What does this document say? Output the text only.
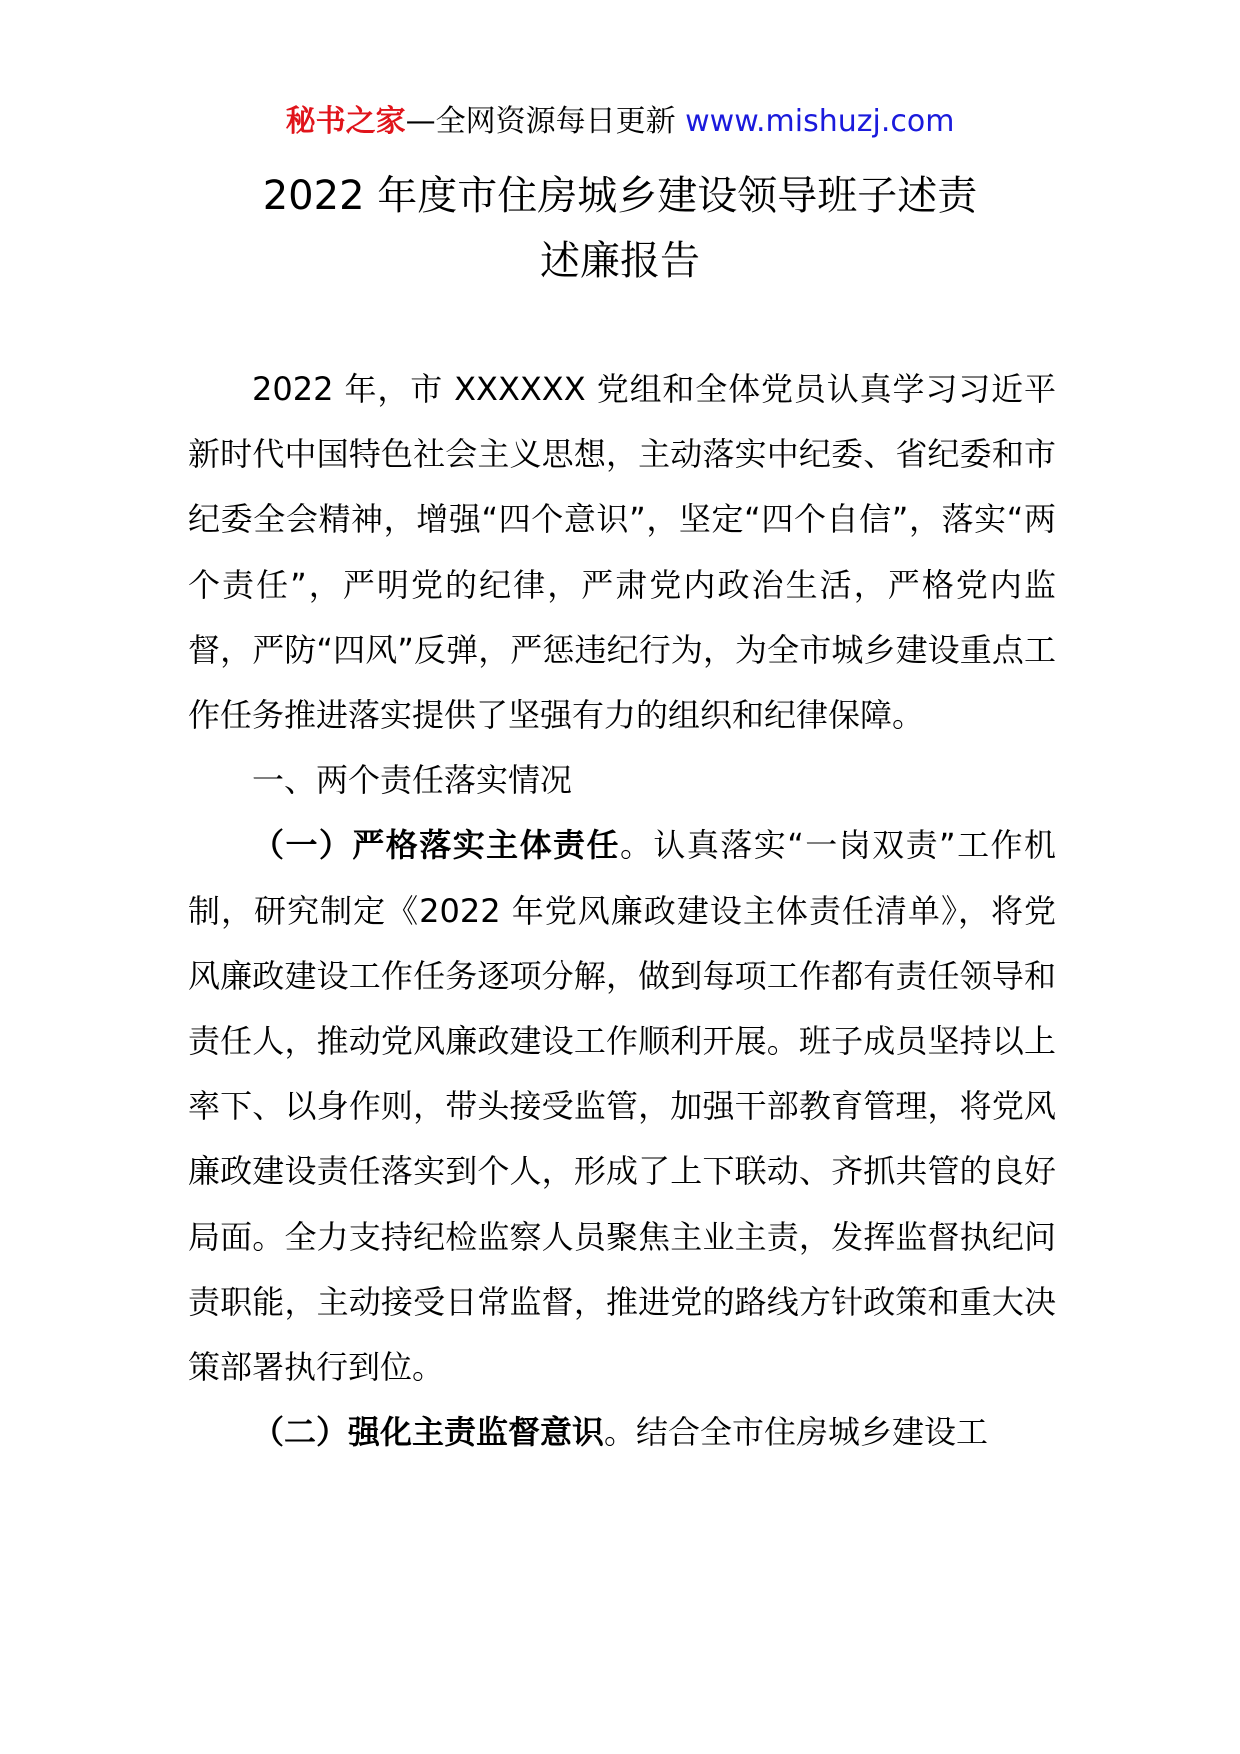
秘书之家—全网资源每日更新 www.mishuzj.com
2022 年度市住房城乡建设领导班子述责
述廉报告

2022 年，市 XXXXXX 党组和全体党员认真学习习近平新时代中国特色社会主义思想，主动落实中纪委、省纪委和市纪委全会精神，增强“四个意识”，坚定“四个自信”，落实“两个责任”，严明党的纪律，严肃党内政治生活，严格党内监督，严防“四风”反弹，严惩违纪行为，为全市城乡建设重点工作任务推进落实提供了坚强有力的组织和纪律保障。

一、两个责任落实情况

（一）严格落实主体责任。认真落实“一岗双责”工作机制，研究制定《2022 年党风廉政建设主体责任清单》，将党风廉政建设工作任务逐项分解，做到每项工作都有责任领导和责任人，推动党风廉政建设工作顺利开展。班子成员坚持以上率下、以身作则，带头接受监管，加强干部教育管理，将党风廉政建设责任落实到个人，形成了上下联动、齐抓共管的良好局面。全力支持纪检监察人员聚焦主业主责，发挥监督执纪问责职能，主动接受日常监督，推进党的路线方针政策和重大决策部署执行到位。

（二）强化主责监督意识。结合全市住房城乡建设工
